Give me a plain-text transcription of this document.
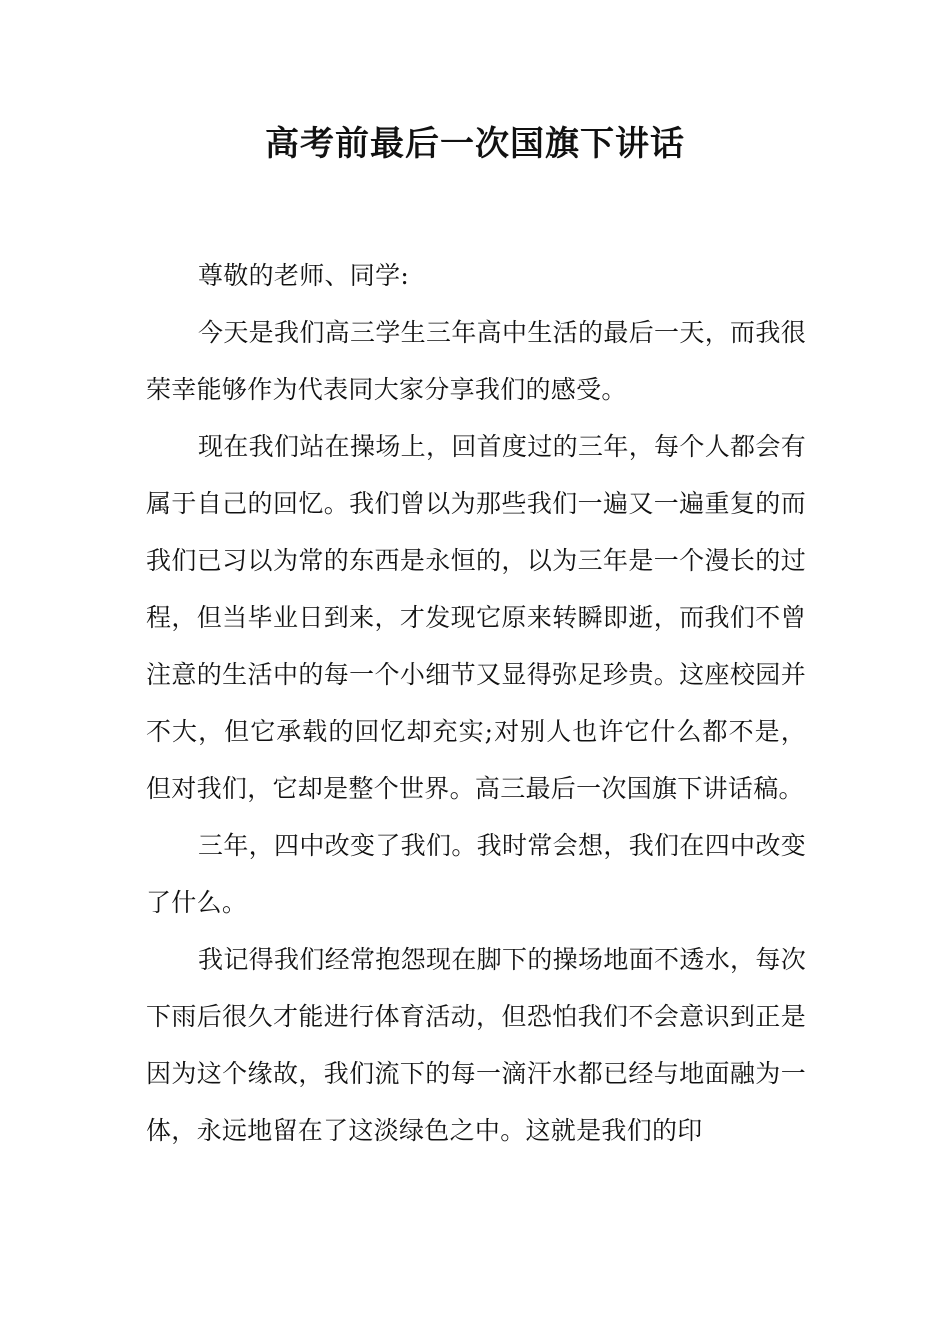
高考前最后一次国旗下讲话

尊敬的老师、同学:

今天是我们高三学生三年高中生活的最后一天，而我很荣幸能够作为代表同大家分享我们的感受。

现在我们站在操场上，回首度过的三年，每个人都会有属于自己的回忆。我们曾以为那些我们一遍又一遍重复的而我们已习以为常的东西是永恒的，以为三年是一个漫长的过程，但当毕业日到来，才发现它原来转瞬即逝，而我们不曾注意的生活中的每一个小细节又显得弥足珍贵。这座校园并不大，但它承载的回忆却充实;对别人也许它什么都不是，但对我们，它却是整个世界。高三最后一次国旗下讲话稿。

三年，四中改变了我们。我时常会想，我们在四中改变了什么。

我记得我们经常抱怨现在脚下的操场地面不透水，每次下雨后很久才能进行体育活动，但恐怕我们不会意识到正是因为这个缘故，我们流下的每一滴汗水都已经与地面融为一体，永远地留在了这淡绿色之中。这就是我们的印
